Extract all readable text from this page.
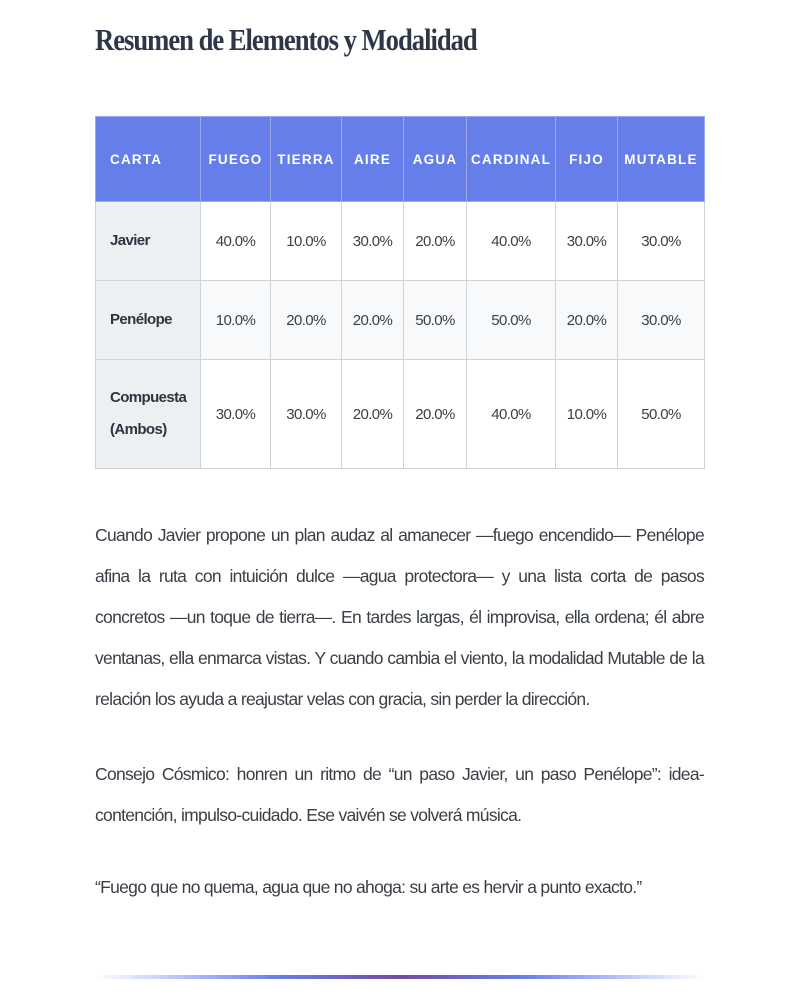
Resumen de Elementos y Modalidad
CARTA	FUEGO	TIERRA	AIRE	AGUA	CARDINAL	FIJO	MUTABLE
Javier	40.0%	10.0%	30.0%	20.0%	40.0%	30.0%	30.0%
Penélope	10.0%	20.0%	20.0%	50.0%	50.0%	20.0%	30.0%
Compuesta (Ambos)	30.0%	30.0%	20.0%	20.0%	40.0%	10.0%	50.0%

Cuando Javier propone un plan audaz al amanecer —fuego encendido— Penélope afina la ruta con intuición dulce —agua protectora— y una lista corta de pasos concretos —un toque de tierra—. En tardes largas, él improvisa, ella ordena; él abre ventanas, ella enmarca vistas. Y cuando cambia el viento, la modalidad Mutable de la relación los ayuda a reajustar velas con gracia, sin perder la dirección.

Consejo Cósmico: honren un ritmo de “un paso Javier, un paso Penélope”: idea-contención, impulso-cuidado. Ese vaivén se volverá música.

“Fuego que no quema, agua que no ahoga: su arte es hervir a punto exacto.”
